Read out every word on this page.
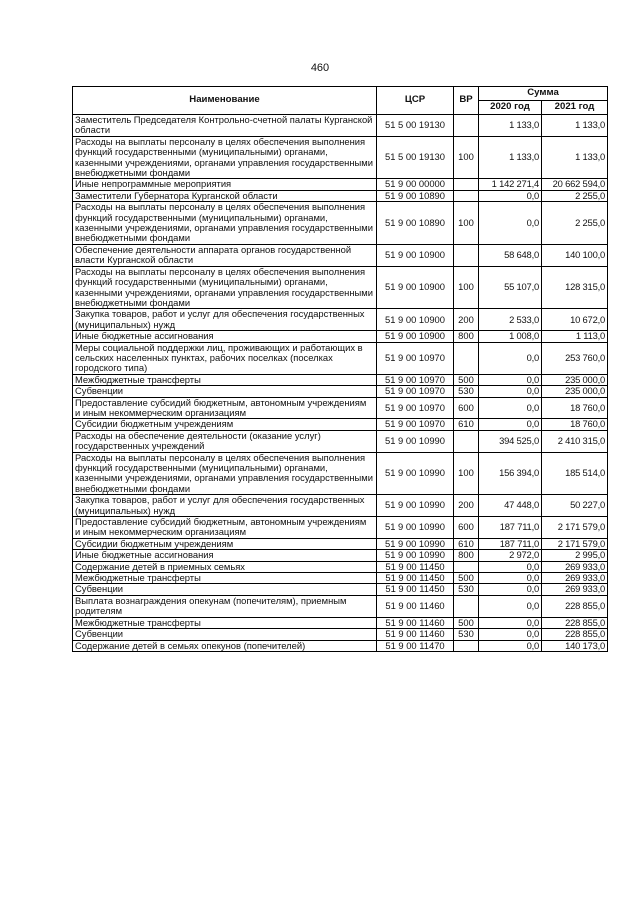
460
Наименование	ЦСР	ВР	Сумма	
			2020 год	2021 год
Заместитель Председателя Контрольно-счетной палаты Курганской области	51 5 00 19130		1 133,0	1 133,0
Расходы на выплаты персоналу в целях обеспечения выполнения функций государственными (муниципальными) органами, казенными учреждениями, органами управления государственными внебюджетными фондами	51 5 00 19130	100	1 133,0	1 133,0
Иные непрограммные мероприятия	51 9 00 00000		1 142 271,4	20 662 594,0
Заместители Губернатора Курганской области	51 9 00 10890		0,0	2 255,0
Расходы на выплаты персоналу в целях обеспечения выполнения функций государственными (муниципальными) органами, казенными учреждениями, органами управления государственными внебюджетными фондами	51 9 00 10890	100	0,0	2 255,0
Обеспечение деятельности аппарата органов государственной власти Курганской области	51 9 00 10900		58 648,0	140 100,0
Расходы на выплаты персоналу в целях обеспечения выполнения функций государственными (муниципальными) органами, казенными учреждениями, органами управления государственными внебюджетными фондами	51 9 00 10900	100	55 107,0	128 315,0
Закупка товаров, работ и услуг для обеспечения государственных (муниципальных) нужд	51 9 00 10900	200	2 533,0	10 672,0
Иные бюджетные ассигнования	51 9 00 10900	800	1 008,0	1 113,0
Меры социальной поддержки лиц, проживающих и работающих в сельских населенных пунктах, рабочих поселках (поселках городского типа)	51 9 00 10970		0,0	253 760,0
Межбюджетные трансферты	51 9 00 10970	500	0,0	235 000,0
Субвенции	51 9 00 10970	530	0,0	235 000,0
Предоставление субсидий бюджетным, автономным учреждениям и иным некоммерческим организациям	51 9 00 10970	600	0,0	18 760,0
Субсидии бюджетным учреждениям	51 9 00 10970	610	0,0	18 760,0
Расходы на обеспечение деятельности (оказание услуг) государственных учреждений	51 9 00 10990		394 525,0	2 410 315,0
Расходы на выплаты персоналу в целях обеспечения выполнения функций государственными (муниципальными) органами, казенными учреждениями, органами управления государственными внебюджетными фондами	51 9 00 10990	100	156 394,0	185 514,0
Закупка товаров, работ и услуг для обеспечения государственных (муниципальных) нужд	51 9 00 10990	200	47 448,0	50 227,0
Предоставление субсидий бюджетным, автономным учреждениям и иным некоммерческим организациям	51 9 00 10990	600	187 711,0	2 171 579,0
Субсидии бюджетным учреждениям	51 9 00 10990	610	187 711,0	2 171 579,0
Иные бюджетные ассигнования	51 9 00 10990	800	2 972,0	2 995,0
Содержание детей в приемных семьях	51 9 00 11450		0,0	269 933,0
Межбюджетные трансферты	51 9 00 11450	500	0,0	269 933,0
Субвенции	51 9 00 11450	530	0,0	269 933,0
Выплата вознаграждения опекунам (попечителям), приемным родителям	51 9 00 11460		0,0	228 855,0
Межбюджетные трансферты	51 9 00 11460	500	0,0	228 855,0
Субвенции	51 9 00 11460	530	0,0	228 855,0
Содержание детей в семьях опекунов (попечителей)	51 9 00 11470		0,0	140 173,0
